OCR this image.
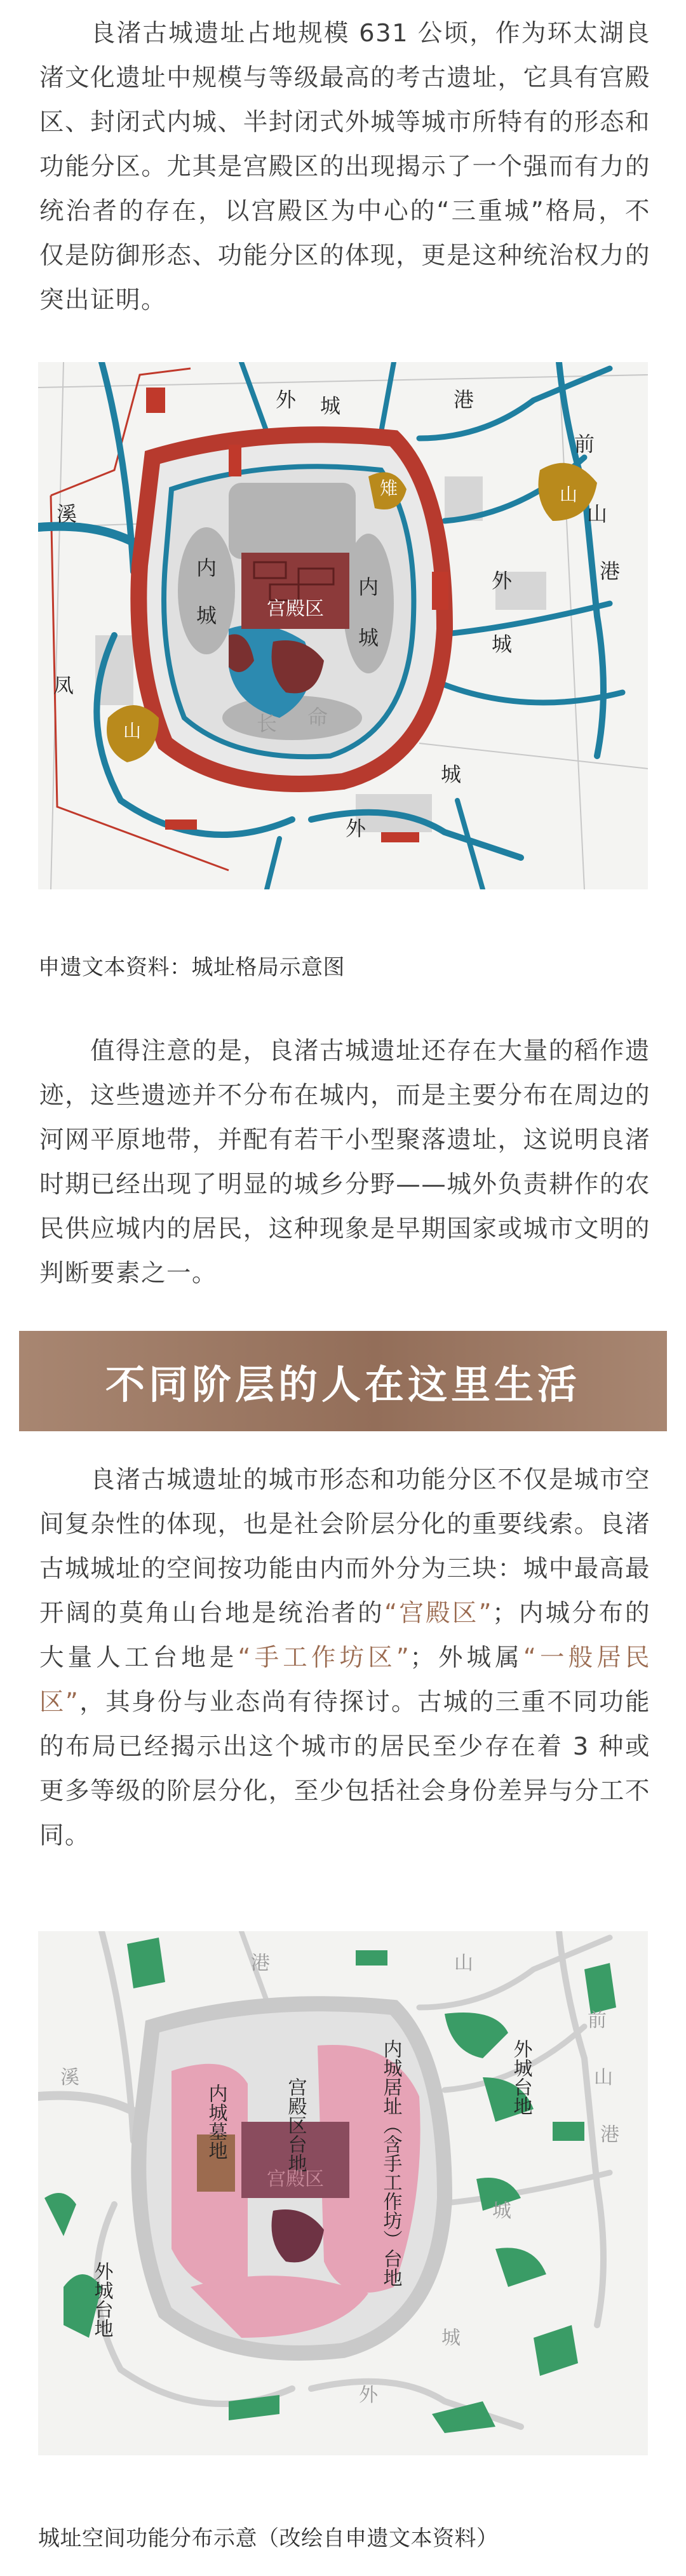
良渚古城遗址占地规模 631 公顷，作为环太湖良渚文化遗址中规模与等级最高的考古遗址，它具有宫殿区、封闭式内城、半封闭式外城等城市所特有的形态和功能分区。尤其是宫殿区的出现揭示了一个强而有力的统治者的存在，以宫殿区为中心的“三重城”格局，不仅是防御形态、功能分区的体现，更是这种统治权力的突出证明。

外 城	港
雉
前
山
港
山
溪
凤
山
内
城
内
城
宫殿区
外
城
长 命
城
外
申遗文本资料：城址格局示意图

值得注意的是，良渚古城遗址还存在大量的稻作遗迹，这些遗迹并不分布在城内，而是主要分布在周边的河网平原地带，并配有若干小型聚落遗址，这说明良渚时期已经出现了明显的城乡分野——城外负责耕作的农民供应城内的居民，这种现象是早期国家或城市文明的判断要素之一。

不同阶层的人在这里生活

良渚古城遗址的城市形态和功能分区不仅是城市空间复杂性的体现，也是社会阶层分化的重要线索。良渚古城城址的空间按功能由内而外分为三块：城中最高最开阔的莫角山台地是统治者的“宫殿区”；内城分布的大量人工台地是“手工作坊区”；外城属“一般居民区”，其身份与业态尚有待探讨。古城的三重不同功能的布局已经揭示出这个城市的居民至少存在着 3 种或更多等级的阶层分化，至少包括社会身份差异与分工不同。

内城墓地	宫殿区台地	内城居址（含手工作坊）台地	外城台地
外城台地
港	山
前
山
港
溪
城
外
城
宫殿区
城址空间功能分布示意（改绘自申遗文本资料）
